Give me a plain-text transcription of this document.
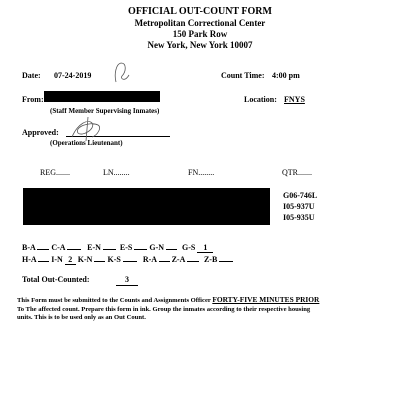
OFFICIAL OUT-COUNT FORM
Metropolitan Correctional Center
150 Park Row
New York, New York 10007
Date: 07-24-2019	Count Time: 4:00 pm
From:
(Staff Member Supervising Inmates)
Location: FNYS
Approved:
(Operations Lieutenant)
REG.......	LN........	FN........	QTR.......
G06-746L
I05-937U
I05-935U
B-A C-A	E-N E-S G-N G-S 1
H-A I-N 2 K-N K-S	R-A Z-A Z-B
Total Out-Counted:	3
This Form must be submitted to the Counts and Assignments Officer FORTY-FIVE MINUTES PRIOR
To The affected count. Prepare this form in ink. Group the inmates according to their respective housing
units. This is to be used only as an Out Count.
